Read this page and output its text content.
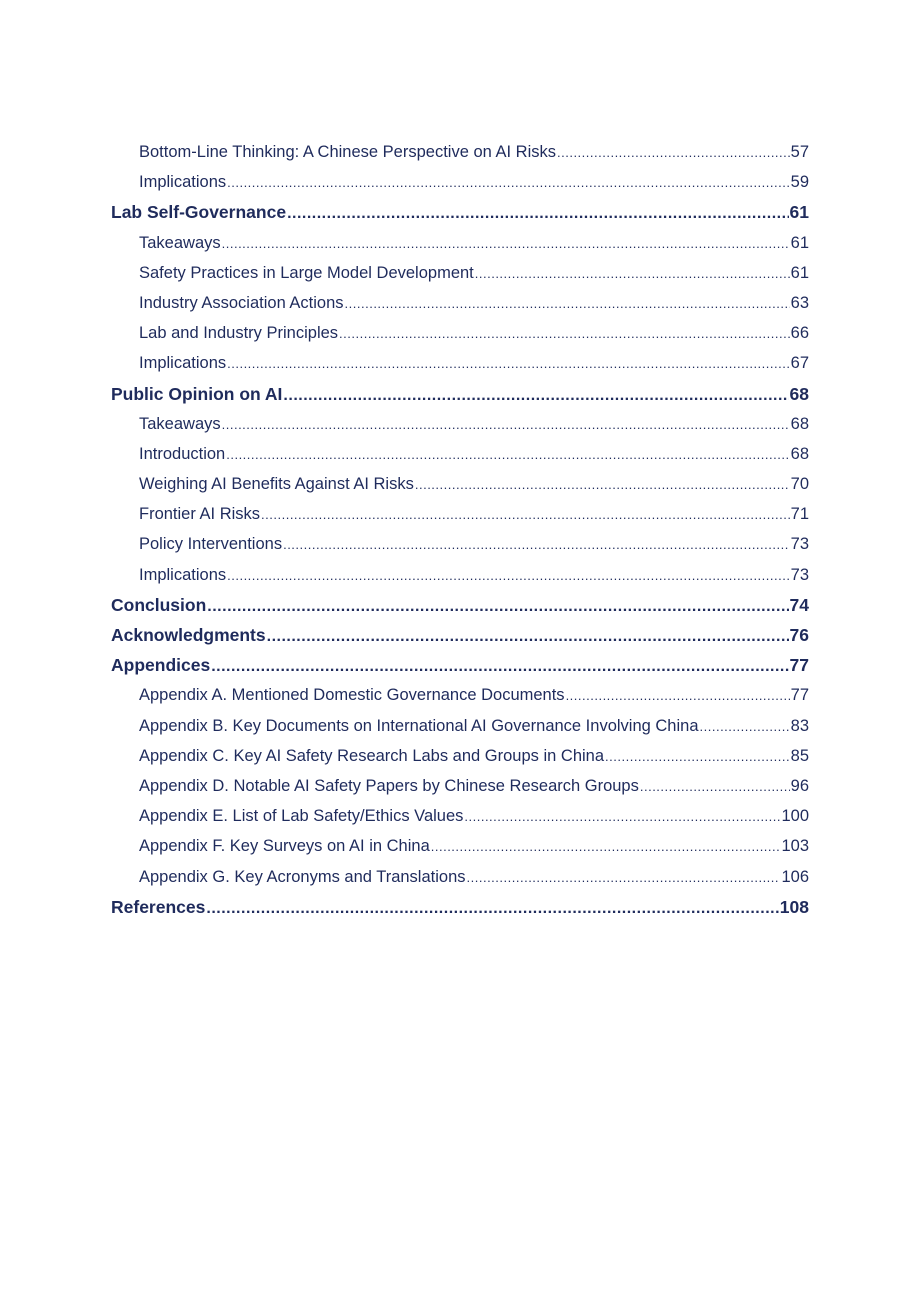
Bottom-Line Thinking: A Chinese Perspective on AI Risks .....	57
Implications .....	59
Lab Self-Governance .....	61
Takeaways .....	61
Safety Practices in Large Model Development .....	61
Industry Association Actions .....	63
Lab and Industry Principles .....	66
Implications .....	67
Public Opinion on AI .....	68
Takeaways .....	68
Introduction .....	68
Weighing AI Benefits Against AI Risks .....	70
Frontier AI Risks .....	71
Policy Interventions .....	73
Implications .....	73
Conclusion .....	74
Acknowledgments .....	76
Appendices .....	77
Appendix A. Mentioned Domestic Governance Documents .....	77
Appendix B. Key Documents on International AI Governance Involving China .....	83
Appendix C. Key AI Safety Research Labs and Groups in China .....	85
Appendix D. Notable AI Safety Papers by Chinese Research Groups .....	96
Appendix E. List of Lab Safety/Ethics Values .....	100
Appendix F. Key Surveys on AI in China .....	103
Appendix G. Key Acronyms and Translations .....	106
References .....	108
